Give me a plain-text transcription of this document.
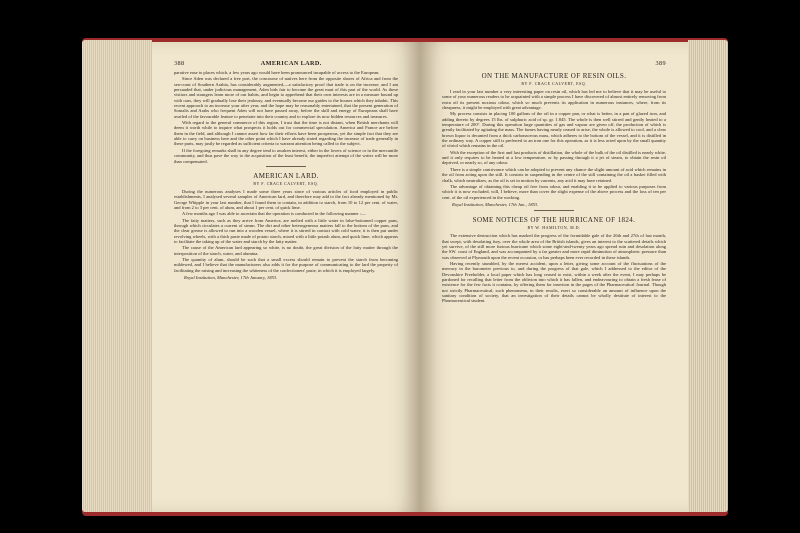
388	AMERICAN LARD.

parative ease to places which, a few years ago would have been pronounced incapable of access to the European.

Since Aden was declared a free port, the concourse of natives here from the opposite shores of Africa and from the sea-coast of Southern Arabia, has considerably augmented,—a satisfactory proof that trade is on the increase; and I am persuaded that, under judicious management, Aden bids fair to become the great mart of this part of the world. As these visitors and strangers learn more of our habits, and begin to apprehend that their own interests are in a measure bound up with ours, they will gradually lose their jealousy, and eventually become our guides to the houses which they inhabit. This recent approach to an increase your after year, and the hope may be reasonably entertained, that the present generation of Somalis and Arabs who frequent Aden will not have passed away, before the skill and energy of Europeans shall have availed of the favourable feature to penetrate into their country and to explore its now hidden resources and treasures.

With regard to the general commerce of this region, I trust that the time is not distant, when British merchants will deem it worth while to inquire what prospects it holds out for commercial speculation. America and France are before them in the field, and although I cannot assert how far their efforts have been prosperous, yet the simple fact that they are able to carry on business here and the other point which I have already stated regarding the increase of trade generally in these parts, may justly be regarded as sufficient criteria to warrant attention being called to the subject.

If the foregoing remarks shall in any degree tend to awaken interest, either in the lovers of science or in the mercantile community, and thus pave the way to the acquisition of the least benefit, the imperfect attempt of the writer will be more than compensated.

AMERICAN LARD.
BY F. CRACE CALVERT, ESQ.

During the numerous analyses I made some three years since of various articles of food employed in public establishments, I analysed several samples of American lard, and therefore may add to the fact already mentioned by Mr. George Whipple in your last number, that I found them to contain, in addition to starch, from 10 to 12 per cent. of water, and from 2 to 3 per cent. of alum, and about 1 per cent. of quick lime.

A few months ago I was able to ascertain that the operation is conducted in the following manner :—

The fatty matters, such as they arrive from America, are melted with a little water in false-bottomed copper pans, through which circulates a current of steam. The dirt and other heterogeneous matters fall to the bottom of the pans, and the clear grease is allowed to run into a wooden vessel, where it is stirred in contact with cold water; it is then put under revolving wheels, with a thick paste made of potato starch, mixed with a little potash alum, and quick lime, which appears to facilitate the taking up of the water and starch by the fatty matter.

The cause of the American lard appearing so white, is no doubt, the great division of the fatty matter through the interposition of the starch, water, and alumina.

The quantity of alum, should be such that a small excess should remain to prevent the starch from becoming mildewed, and I believe that the manufacturers also adds it for the purpose of communicating to the lard the property of facilitating the raising and increasing the whiteness of the confectioners' paste, in which it is employed largely.

Royal Institution, Manchester, 17th January, 1853.

389
ON THE MANUFACTURE OF RESIN OILS.
BY F. CRACE CALVERT, ESQ.

I read in your last number a very interesting paper on resin oil, which has led me to believe that it may be useful to some of your numerous readers to be acquainted with a simple process I have discovered of almost entirely removing from resin oil its present noxious odour, which so much prevents its application in numerous instances, where, from its cheapness, it might be employed with great advantage.

My process consists in placing 100 gallons of the oil in a copper pan, or what is better, in a pan of glazed iron, and adding thereto by degrees 15 lbs. of sulphuric acid of sp. gr. 1.845. The whole is then well stirred and gently heated to a temperature of 200°. During this operation large quantities of gas and vapour are given off, the production of which is greatly facilitated by agitating the mass. The fumes having nearly ceased to arise, the whole is allowed to cool, and a clear brown liquor is decanted from a thick carbonaceous mass, which adheres to the bottom of the vessel, and it is distilled in the ordinary way. A copper still is preferred to an iron one for this operation, as it is less acted upon by the small quantity of vitriol which remains in the oil.

With the exception of the first and last products of distillation, the whole of the bulk of the oil distilled is nearly white, and it only requires to be heated at a low temperature, or by passing through it a jet of steam, to obtain the resin oil deprived, or nearly so, of any odour.

There is a simple contrivance which can be adopted to prevent any chance the slight amount of acid which remains in the oil from acting upon the still. It consists in suspending in the centre of the still containing the oil a basket filled with chalk, which neutralizes, as the oil is set in motion by currents, any acid it may have retained.

The advantage of obtaining this cheap oil free from odour, and enabling it to be applied to various purposes from which it is now excluded, will, I believe, more than cover the slight expense of the above process and the loss of ten per cent. of the oil experienced in the working.

Royal Institution, Manchester, 17th Jan., 1853.

SOME NOTICES OF THE HURRICANE OF 1824.
BY W. HAMILTON, M.D.

The extensive destruction which has marked the progress of the formidable gale of the 26th and 27th of last month, that swept, with desolating fury, over the whole area of the British islands, gives an interest to the scattered details which yet survive, of the still more furious hurricane which some eight-and-twenty years ago spread ruin and desolation along the SW. coast of England, and was accompanied by a far greater and more rapid diminution of atmospheric pressure than was observed at Plymouth upon the recent occasion, or has perhaps been ever recorded in these islands.

Having recently stumbled, by the merest accident, upon a letter, giving some account of the fluctuations of the mercury in the barometer previous to, and during the progress of that gale, which I addressed to the editor of the Devonshire Freeholder, a local paper which has long ceased to exist, within a week after the event, I may perhaps be pardoned for recalling that letter from the oblivion into which it has fallen, and endeavouring to obtain a fresh lease of existence for the few facts it contains, by offering them for insertion in the pages of the Pharmaceutical Journal. Though not strictly Pharmaceutical, such phenomena, in their results, exert so considerable an amount of influence upon the sanitary condition of society, that an investigation of their details cannot be wholly destitute of interest to the Pharmaceutical student.
